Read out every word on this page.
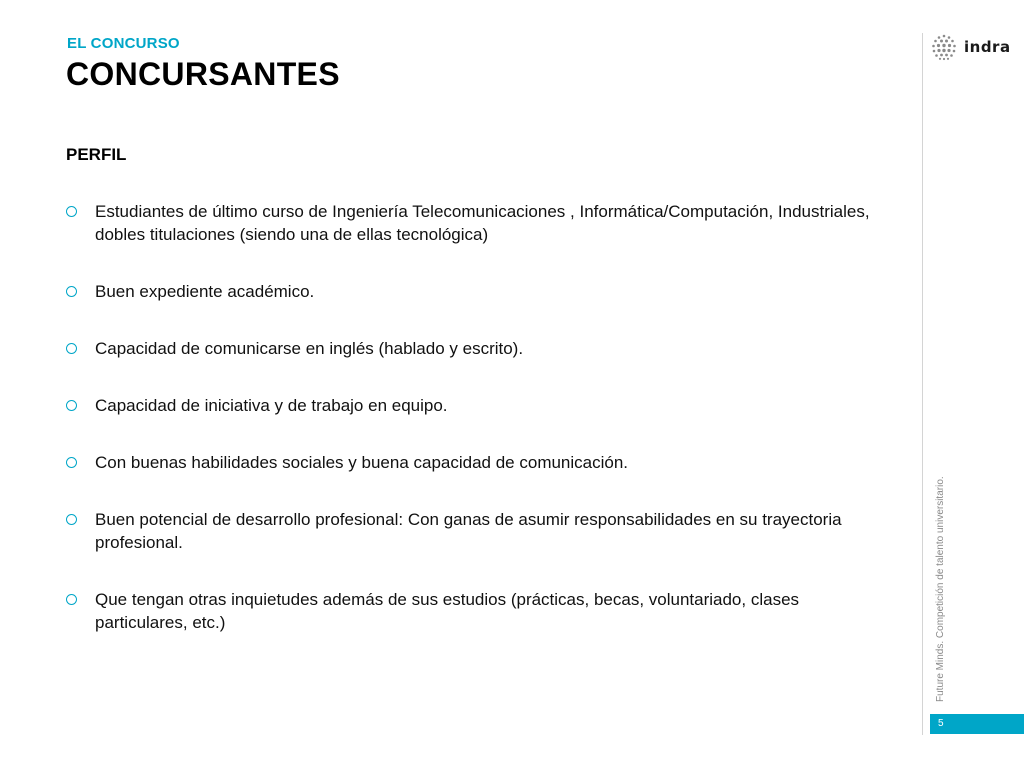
EL CONCURSO
CONCURSANTES
PERFIL
Estudiantes de último curso de Ingeniería Telecomunicaciones , Informática/Computación, Industriales, dobles titulaciones (siendo una de ellas tecnológica)
Buen expediente académico.
Capacidad de comunicarse en inglés (hablado y escrito).
Capacidad de iniciativa y de trabajo en equipo.
Con buenas habilidades sociales y buena capacidad de comunicación.
Buen potencial de desarrollo profesional: Con ganas de asumir responsabilidades en su trayectoria profesional.
Que tengan otras inquietudes además de sus estudios (prácticas, becas, voluntariado, clases particulares, etc.)
indra
Future Minds. Competición de talento universitario.
5
